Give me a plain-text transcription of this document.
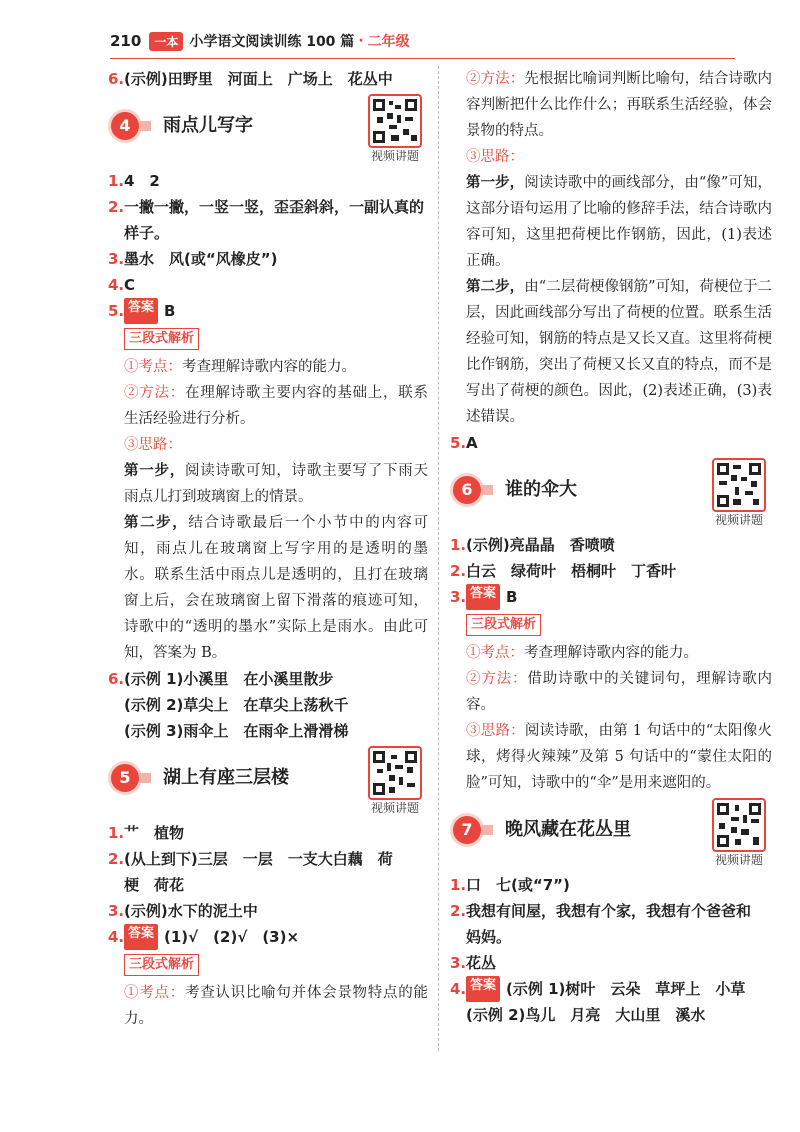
210	一本 小学语文阅读训练 100 篇 · 二年级
6. (示例)田野里　河面上　广场上　花丛中
4	雨点儿写字
视频讲题
1. 4　2
2. 一撇一撇，一竖一竖，歪歪斜斜，一副认真的
样子。
3. 墨水　风(或“风橡皮”)
4. C
5. 答案 B
三段式解析
①考点：考查理解诗歌内容的能力。
②方法：在理解诗歌主要内容的基础上，联系生活经验进行分析。
③思路：
第一步，阅读诗歌可知，诗歌主要写了下雨天雨点儿打到玻璃窗上的情景。
第二步，结合诗歌最后一个小节中的内容可知，雨点儿在玻璃窗上写字用的是透明的墨水。联系生活中雨点儿是透明的，且打在玻璃窗上后，会在玻璃窗上留下滑落的痕迹可知，诗歌中的“透明的墨水”实际上是雨水。由此可知，答案为 B。
6. (示例 1)小溪里　在小溪里散步
(示例 2)草尖上　在草尖上荡秋千
(示例 3)雨伞上　在雨伞上滑滑梯
5	湖上有座三层楼
视频讲题
1. 艹　植物
2. (从上到下)三层　一层　一支大白藕　荷
梗　荷花
3. (示例)水下的泥土中
4. 答案 (1)√　(2)√　(3)×
三段式解析
①考点：考查认识比喻句并体会景物特点的能力。
②方法：先根据比喻词判断比喻句，结合诗歌内容判断把什么比作什么；再联系生活经验，体会景物的特点。
③思路：
第一步，阅读诗歌中的画线部分，由“像”可知，这部分语句运用了比喻的修辞手法，结合诗歌内容可知，这里把荷梗比作钢筋，因此，(1)表述正确。
第二步，由“二层荷梗像钢筋”可知，荷梗位于二层，因此画线部分写出了荷梗的位置。联系生活经验可知，钢筋的特点是又长又直。这里将荷梗比作钢筋，突出了荷梗又长又直的特点，而不是写出了荷梗的颜色。因此，(2)表述正确，(3)表述错误。
5. A
6	谁的伞大
视频讲题
1. (示例)亮晶晶　香喷喷
2. 白云　绿荷叶　梧桐叶　丁香叶
3. 答案 B
三段式解析
①考点：考查理解诗歌内容的能力。
②方法：借助诗歌中的关键词句，理解诗歌内容。
③思路：阅读诗歌，由第 1 句话中的“太阳像火球，烤得火辣辣”及第 5 句话中的“蒙住太阳的脸”可知，诗歌中的“伞”是用来遮阳的。
7	晚风藏在花丛里
视频讲题
1. 口　七(或“7”)
2. 我想有间屋，我想有个家，我想有个爸爸和
妈妈。
3. 花丛
4. 答案 (示例 1)树叶　云朵　草坪上　小草
(示例 2)鸟儿　月亮　大山里　溪水
